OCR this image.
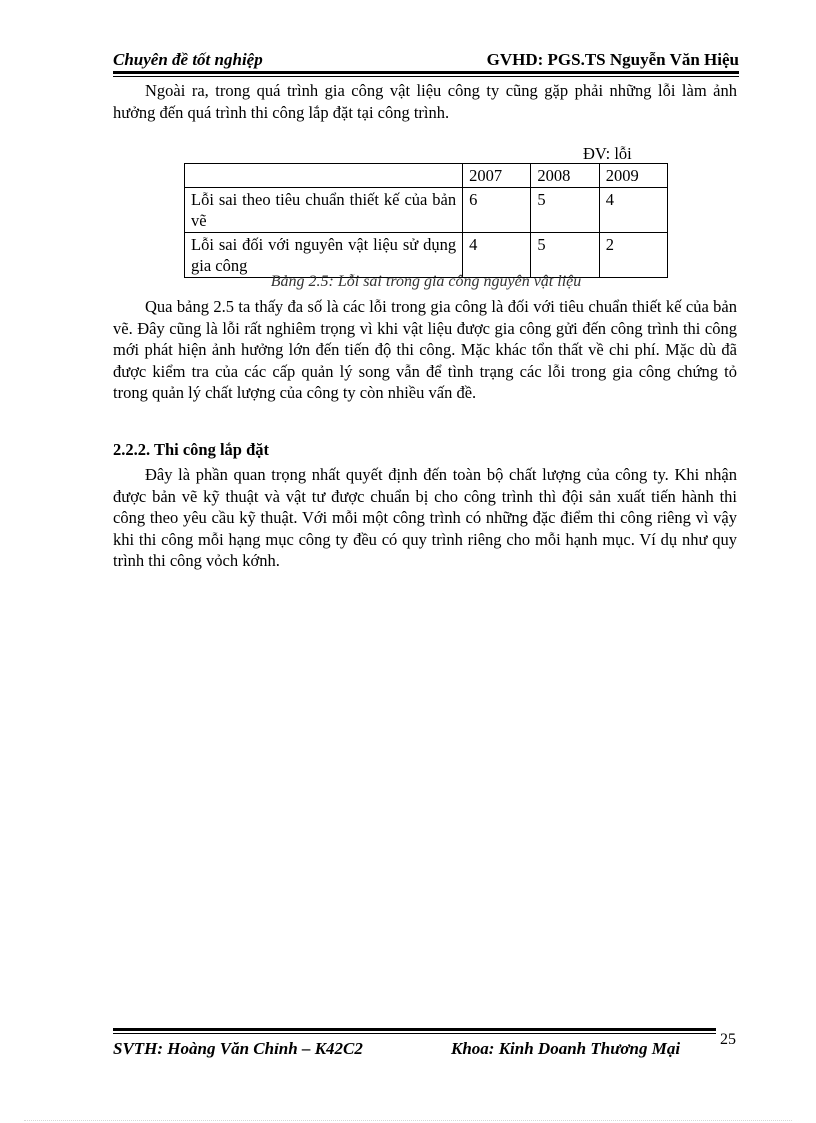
Chuyên đề tốt nghiệp	GVHD: PGS.TS Nguyễn Văn Hiệu

Ngoài ra, trong quá trình gia công vật liệu công ty cũng gặp phải những lỗi làm ảnh hưởng đến quá trình thi công lắp đặt tại công trình.

ĐV: lỗi
	2007	2008	2009
Lỗi sai theo tiêu chuẩn thiết kế của bản vẽ	6	5	4
Lỗi sai đối với nguyên vật liệu sử dụng gia công	4	5	2
Bảng 2.5: Lỗi sai trong gia công nguyên vật liệu

Qua bảng 2.5 ta thấy đa số là các lỗi trong gia công là đối với tiêu chuẩn thiết kế của bản vẽ. Đây cũng là lỗi rất nghiêm trọng vì khi vật liệu được gia công gửi đến công trình thi công mới phát hiện ảnh hưởng lớn đến tiến độ thi công. Mặc khác tổn thất về chi phí. Mặc dù đã được kiểm tra của các cấp quản lý song vẫn để tình trạng các lỗi trong gia công chứng tỏ trong quản lý chất lượng của công ty còn nhiều vấn đề.

2.2.2. Thi công lắp đặt

Đây là phần quan trọng nhất quyết định đến toàn bộ chất lượng của công ty. Khi nhận được bản vẽ kỹ thuật và vật tư được chuẩn bị cho công trình thì đội sản xuất tiến hành thi công theo yêu cầu kỹ thuật. Với mỗi một công trình có những đặc điểm thi công riêng vì vậy khi thi công mỗi hạng mục công ty đều có quy trình riêng cho mỗi hạnh mục. Ví dụ như quy trình thi công vỏch kớnh.

SVTH: Hoàng Văn Chỉnh – K42C2	Khoa: Kinh Doanh Thương Mại 25
